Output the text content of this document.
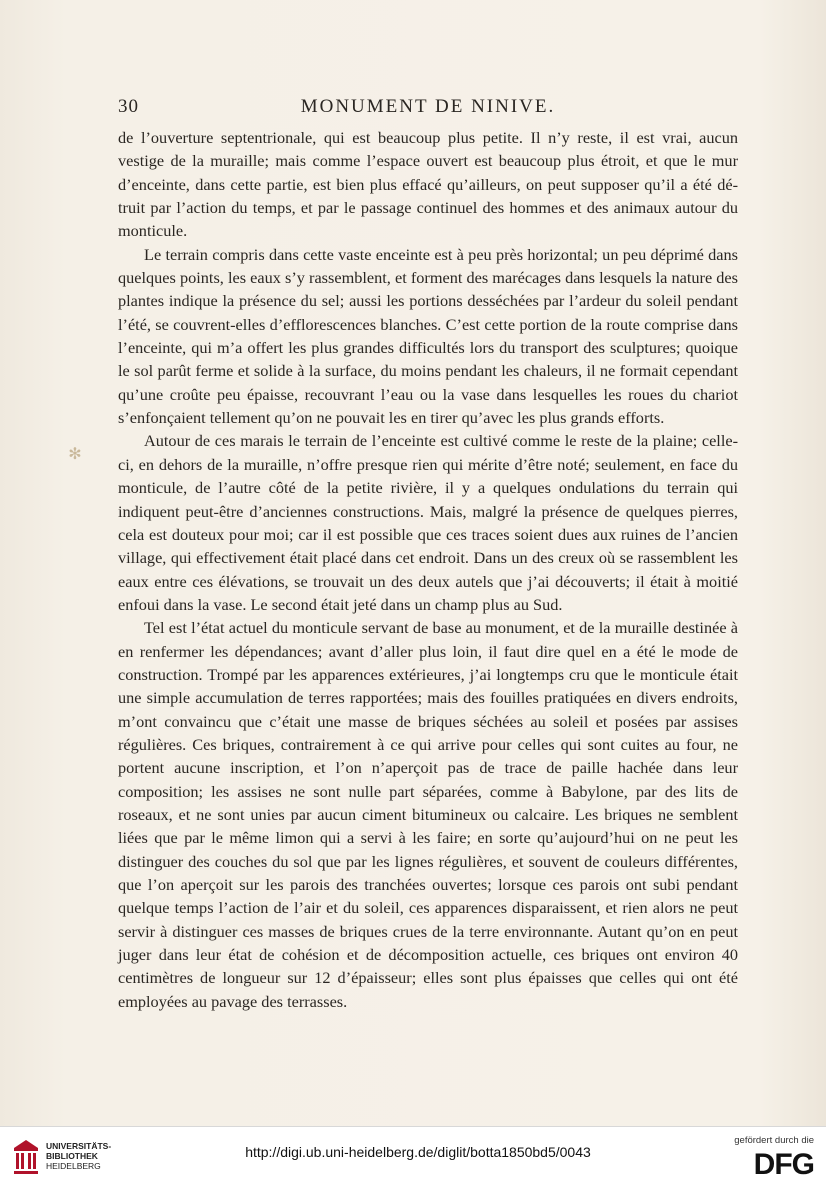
30	MONUMENT DE NINIVE.
✻

de l’ouverture septentrionale, qui est beaucoup plus petite. Il n’y reste, il est vrai, aucun vestige de la muraille; mais comme l’espace ouvert est beaucoup plus étroit, et que le mur d’enceinte, dans cette partie, est bien plus effacé qu’ailleurs, on peut supposer qu’il a été détruit par l’action du temps, et par le passage continuel des hommes et des animaux autour du monticule.

Le terrain compris dans cette vaste enceinte est à peu près horizontal; un peu déprimé dans quelques points, les eaux s’y rassemblent, et forment des marécages dans lesquels la nature des plantes indique la présence du sel; aussi les portions desséchées par l’ardeur du soleil pendant l’été, se couvrent-elles d’efflorescences blanches. C’est cette portion de la route comprise dans l’enceinte, qui m’a offert les plus grandes difficultés lors du transport des sculptures; quoique le sol parût ferme et solide à la surface, du moins pendant les chaleurs, il ne formait cependant qu’une croûte peu épaisse, recouvrant l’eau ou la vase dans lesquelles les roues du chariot s’enfonçaient tellement qu’on ne pouvait les en tirer qu’avec les plus grands efforts.

Autour de ces marais le terrain de l’enceinte est cultivé comme le reste de la plaine; celle-ci, en dehors de la muraille, n’offre presque rien qui mérite d’être noté; seulement, en face du monticule, de l’autre côté de la petite rivière, il y a quelques ondulations du terrain qui indiquent peut-être d’anciennes constructions. Mais, malgré la présence de quelques pierres, cela est douteux pour moi; car il est possible que ces traces soient dues aux ruines de l’ancien village, qui effectivement était placé dans cet endroit. Dans un des creux où se rassemblent les eaux entre ces élévations, se trouvait un des deux autels que j’ai découverts; il était à moitié enfoui dans la vase. Le second était jeté dans un champ plus au Sud.

Tel est l’état actuel du monticule servant de base au monument, et de la muraille destinée à en renfermer les dépendances; avant d’aller plus loin, il faut dire quel en a été le mode de construction. Trompé par les apparences extérieures, j’ai longtemps cru que le monticule était une simple accumulation de terres rapportées; mais des fouilles pratiquées en divers endroits, m’ont convaincu que c’était une masse de briques séchées au soleil et posées par assises régulières. Ces briques, contrairement à ce qui arrive pour celles qui sont cuites au four, ne portent aucune inscription, et l’on n’aperçoit pas de trace de paille hachée dans leur composition; les assises ne sont nulle part séparées, comme à Babylone, par des lits de roseaux, et ne sont unies par aucun ciment bitumineux ou calcaire. Les briques ne semblent liées que par le même limon qui a servi à les faire; en sorte qu’aujourd’hui on ne peut les distinguer des couches du sol que par les lignes régulières, et souvent de couleurs différentes, que l’on aperçoit sur les parois des tranchées ouvertes; lorsque ces parois ont subi pendant quelque temps l’action de l’air et du soleil, ces apparences disparaissent, et rien alors ne peut servir à distinguer ces masses de briques crues de la terre environnante. Autant qu’on en peut juger dans leur état de cohésion et de décomposition actuelle, ces briques ont environ 40 centimètres de longueur sur 12 d’épaisseur; elles sont plus épaisses que celles qui ont été employées au pavage des terrasses.

UNIVERSITÄTS-
BIBLIOTHEK
HEIDELBERG
http://digi.ub.uni-heidelberg.de/diglit/botta1850bd5/0043
gefördert durch die
DFG
